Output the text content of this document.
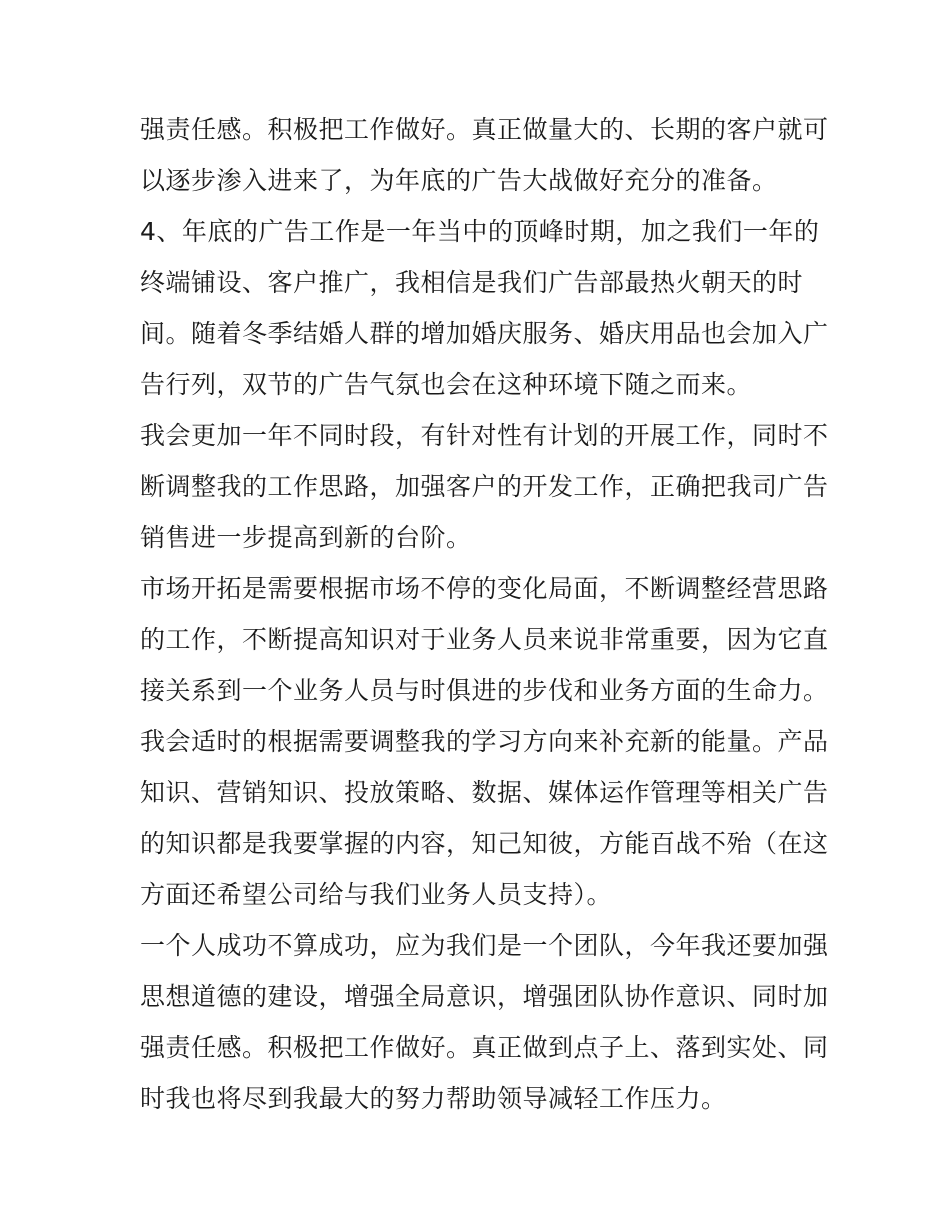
强责任感。积极把工作做好。真正做量大的、长期的客户就可
以逐步渗入进来了，为年底的广告大战做好充分的准备。
4、年底的广告工作是一年当中的顶峰时期，加之我们一年的
终端铺设、客户推广，我相信是我们广告部最热火朝天的时
间。随着冬季结婚人群的增加婚庆服务、婚庆用品也会加入广
告行列，双节的广告气氛也会在这种环境下随之而来。
我会更加一年不同时段，有针对性有计划的开展工作，同时不
断调整我的工作思路，加强客户的开发工作，正确把我司广告
销售进一步提高到新的台阶。
市场开拓是需要根据市场不停的变化局面，不断调整经营思路
的工作，不断提高知识对于业务人员来说非常重要，因为它直
接关系到一个业务人员与时俱进的步伐和业务方面的生命力。
我会适时的根据需要调整我的学习方向来补充新的能量。产品
知识、营销知识、投放策略、数据、媒体运作管理等相关广告
的知识都是我要掌握的内容，知己知彼，方能百战不殆（在这
方面还希望公司给与我们业务人员支持）。
一个人成功不算成功，应为我们是一个团队，今年我还要加强
思想道德的建设，增强全局意识，增强团队协作意识、同时加
强责任感。积极把工作做好。真正做到点子上、落到实处、同
时我也将尽到我最大的努力帮助领导减轻工作压力。
